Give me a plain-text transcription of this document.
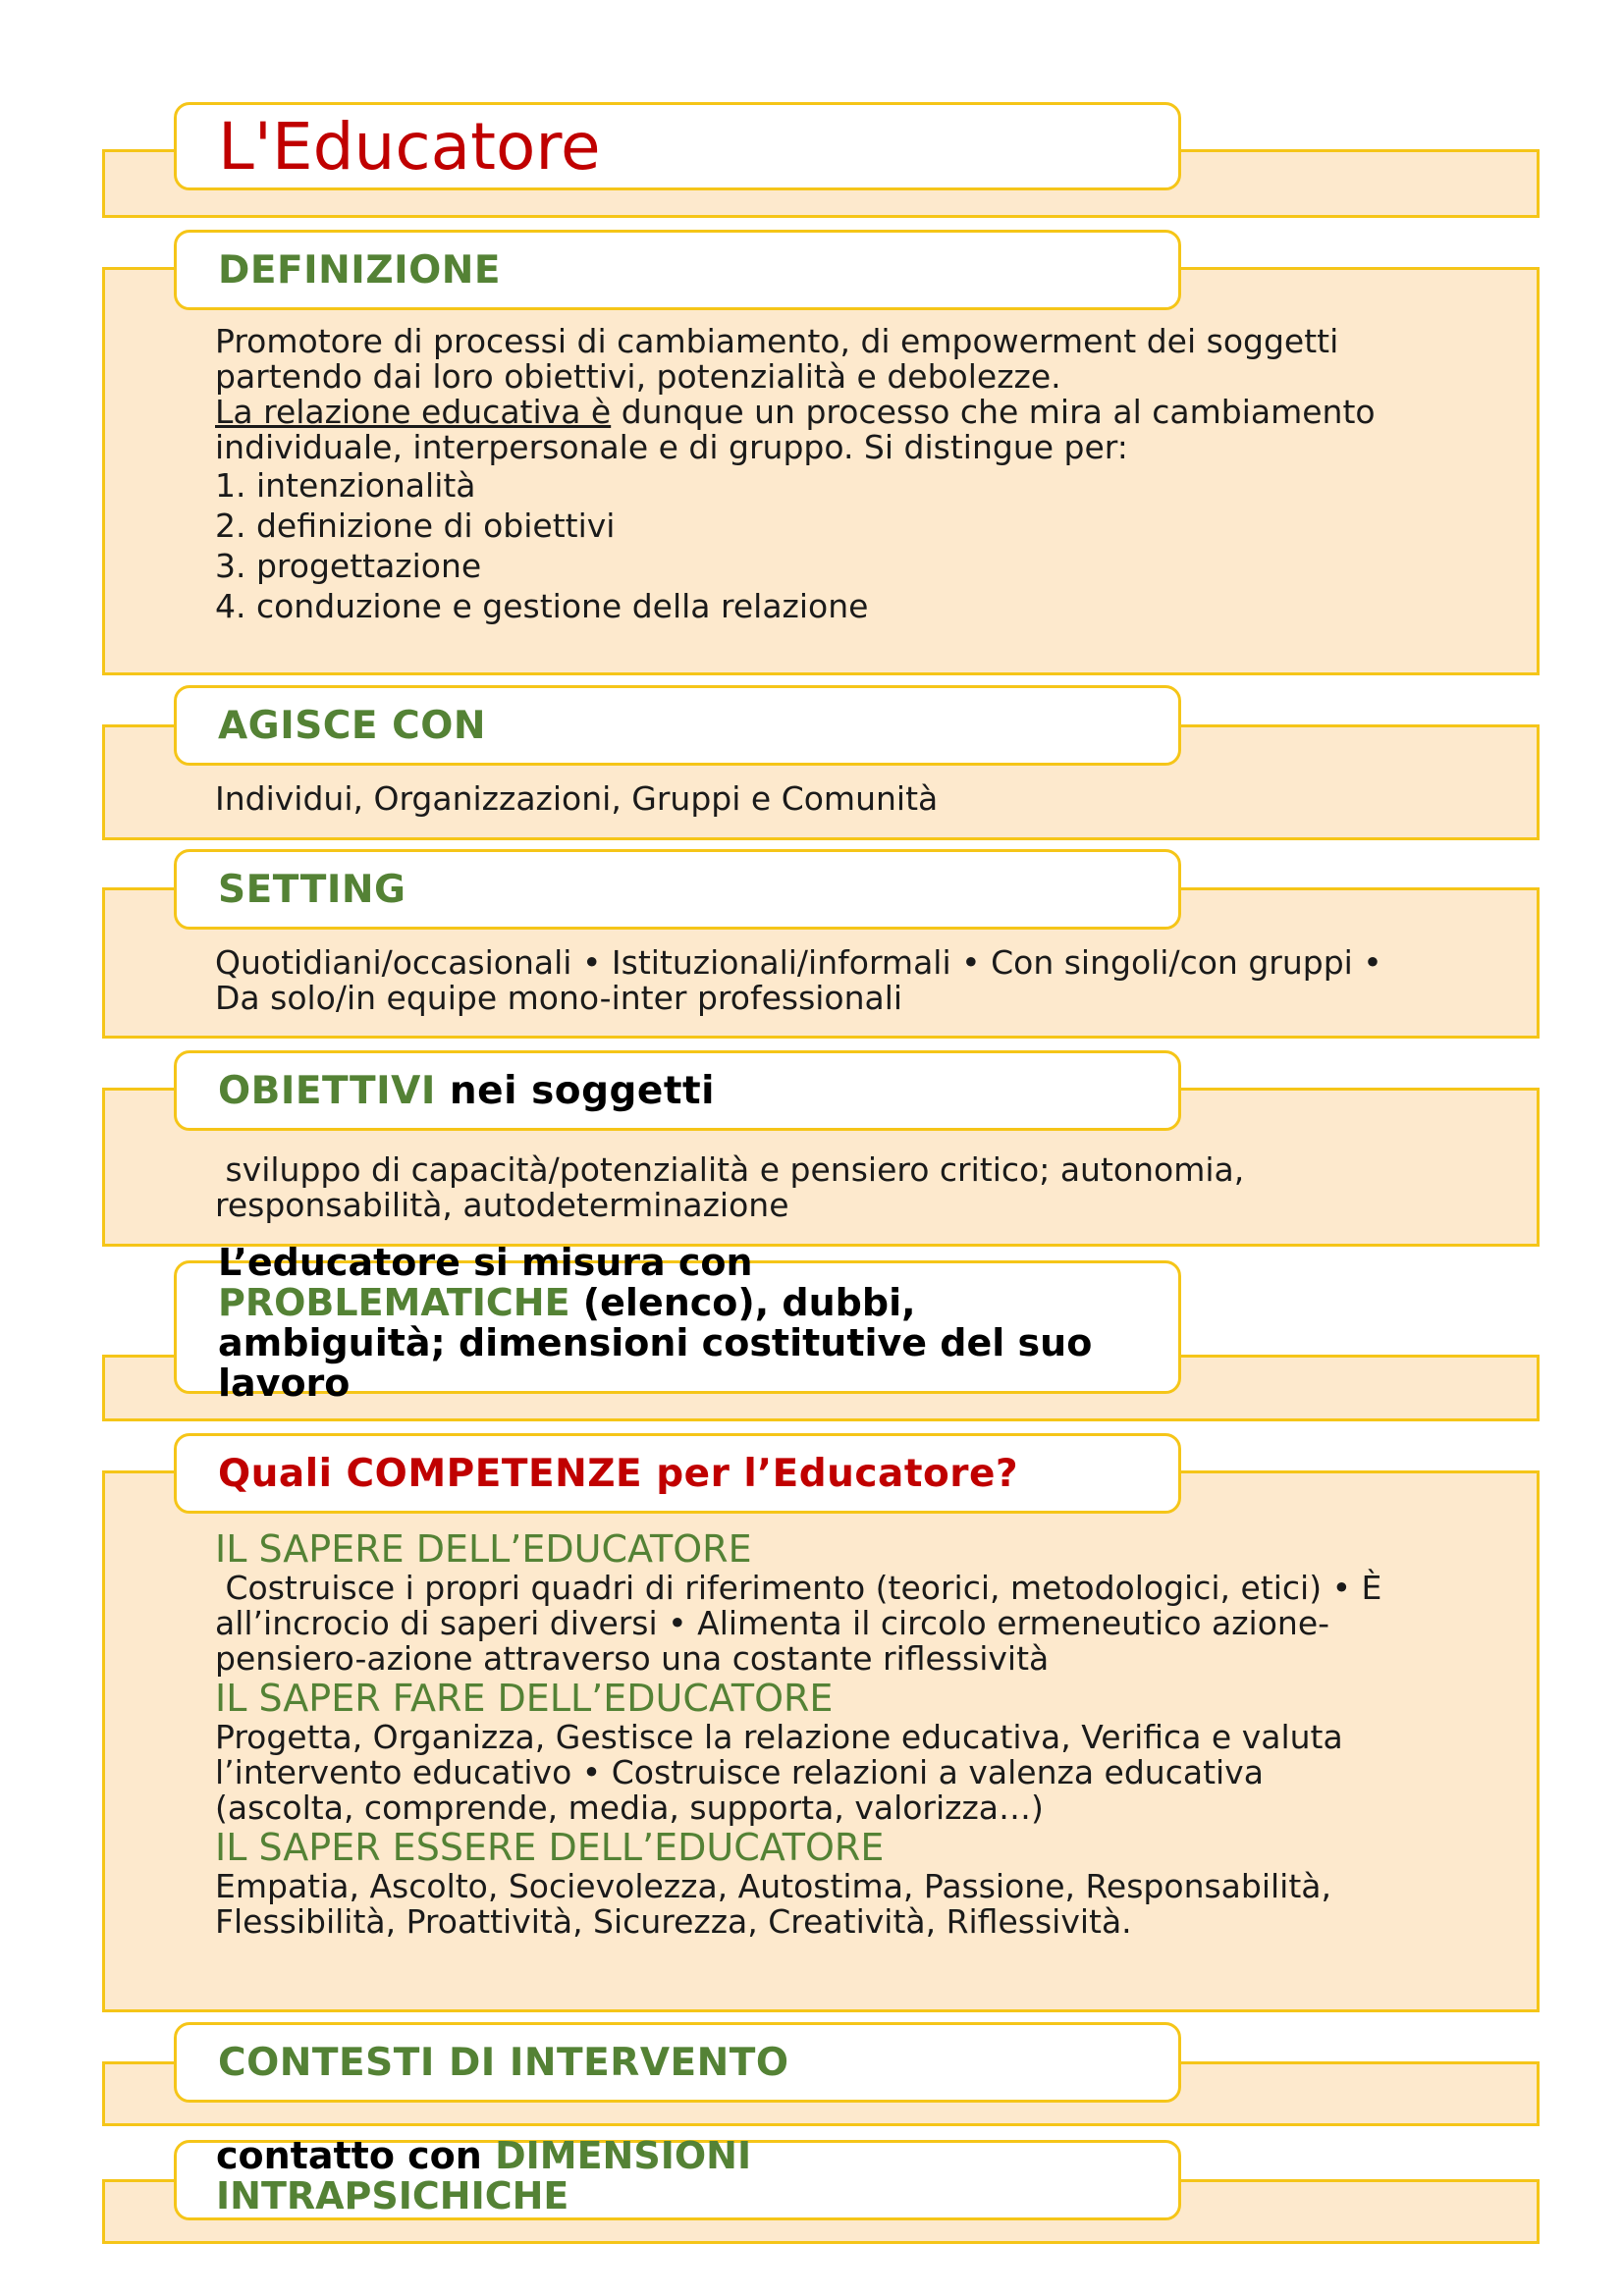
L'Educatore
DEFINIZIONE

Promotore di processi di cambiamento, di empowerment dei soggetti partendo dai loro obiettivi, potenzialità e debolezze.

La relazione educativa è dunque un processo che mira al cambiamento individuale, interpersonale e di gruppo. Si distingue per:

1. intenzionalità

2. definizione di obiettivi

3. progettazione

4. conduzione e gestione della relazione

AGISCE CON

Individui, Organizzazioni, Gruppi e Comunità

SETTING

Quotidiani/occasionali • Istituzionali/informali • Con singoli/con gruppi •

Da solo/in equipe mono-inter professionali

OBIETTIVI nei soggetti

sviluppo di capacità/potenzialità e pensiero critico; autonomia,

responsabilità, autodeterminazione

L’educatore si misura con
PROBLEMATICHE (elenco), dubbi,
ambiguità; dimensioni costitutive del suo
lavoro
Quali COMPETENZE per l’Educatore?
IL SAPERE DELL’EDUCATORE

Costruisce i propri quadri di riferimento (teorici, metodologici, etici) • È

all’incrocio di saperi diversi • Alimenta il circolo ermeneutico azione-

pensiero-azione attraverso una costante riflessività

IL SAPER FARE DELL’EDUCATORE

Progetta, Organizza, Gestisce la relazione educativa, Verifica e valuta

l’intervento educativo • Costruisce relazioni a valenza educativa

(ascolta, comprende, media, supporta, valorizza…)

IL SAPER ESSERE DELL’EDUCATORE

Empatia, Ascolto, Socievolezza, Autostima, Passione, Responsabilità,

Flessibilità, Proattività, Sicurezza, Creatività, Riflessività.

CONTESTI DI INTERVENTO
contatto con DIMENSIONI
INTRAPSICHICHE
